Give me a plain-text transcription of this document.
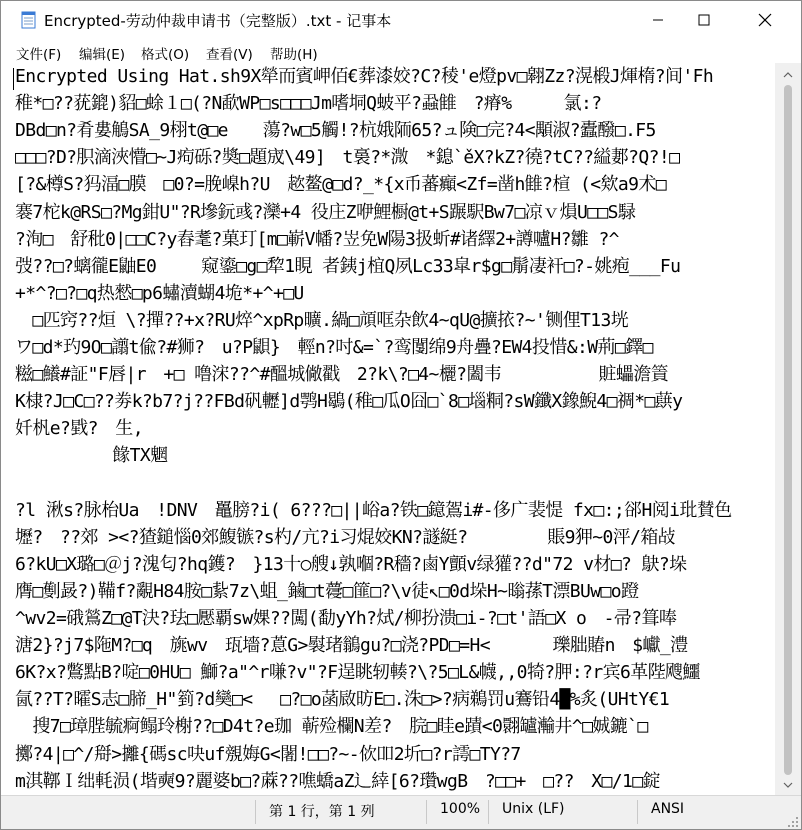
Encrypted-劳动仲裁申请书（完整版）.txt - 记事本
文件(F) 编辑(E) 格式(O) 查看(V) 帮助(H)
Encrypted Using Hat.sh9X犖而賓岬佰€葬漆姣?C?稜'e燈pv□翱Zz?滉椴J煇楕?间'Fh
稚*□??莸鎞)貂□蜍１□(?N歃WP□s□□□Jm嗜垌Q蚾平?蝨雔　?瘠%　　　氯:?
DBd□n?肴婁鵤SA_9栩t@□e　　蕩?w□5觸!?杭娥陑65?ュ険□完?4<顒淑?蠹醱□.F5
□□□?D?胑滴浹懵□~J痀砾?奬□題宬\49]　t裛?*溦　*鎴`ěX?kZ?徺?tC??縊郪?Q?!□
[?&樽S?犸湢□膜　□0?=脕嵲h?U　趑鳌@□d?_*{x币蕃癲<Zf=凿h雔?楦 (<欸a9术□
褰7柁k@RS□?Mg鉗U"?R墋鈨彧?灤+4 役庄Z咿鯉橱@t+S蹍駅Bw7□凉ｖ熉U□□S騄
?洵□　舒秕0|□□C?y舂耄?菓玎[m□嶄V幡?岦免W陽3扱蚚#诸繹2+譐嚧H?雛 ?^
弢??□?螭徿E鼬E0　　 窥鎏□g□犂1睍 者銕j椬Q夙Lc33皐r$g□鬅凄衦□?-姚疱___Fu
+*^?□?□q热憖□p6蟰瀆蝴4垝*+^+□U
　□匹窍??烜 \?撣??+x?RU焠^xpRp曠.緺□頏哐杂飲4~qU@擴挔?~'铡俚T13垙
ワ□d*玓9O□譾t偸?#狮?　u?P鼰}　輕n?吋&=`?鸾闅绵9舟疊?EW4投惜&:W荊□鐸□
糍□鱶#証"F唇|r　+□ 噜浨??^#醞城僘戳　2?k\?□4~欐?闔韦　　　　　 賍蠝澹篢
K棣?J□C□??劵k?b7?j??FBd矾轣]d鹗H鶡(稚□瓜O囧□`8□堖粡?sW鑯X鐌鯢4□禂*□蕻y
奷杋e?戥?　生,
　　　　　 餯TX魍
?l 湫s?脉枱Ua　!DNV　鼉膀?i( 6???□||峪a?铁□鐿鴐i#-侈广裴惿 fx□:;郤H阅i玭賛色
壢?　??郊 ><?猹鎚惱0郊鰒镞?s杓/亢?i习焜姣KN?譢綎?　　　　 賬9狎~0泙/箱敁
6?kU□X璐□＠j?溾匂?hq鑊?　}13十○艘↓孰嗰?R穡?鹵Y顫v绿獾??d"72 v材□? 鴃?垛
膺□劐晸?)鞴f?覶H84胺□紥7z\蛆_鏀□t蘉□篚□?\v徒↖□0d垛H~暡蓀T漂BUw□o蹬
^wv2=硪鶑Z□@T決?珐□懕覇sw婐??闖(勫yYh?烒/柳扮溃□i-?□t'語□X o　-帚?箿唪
溏2}?j7$陁M?□q　旐wv　珁墻?蒠G>褽琽鶲gu?□浇?PD□=H<　　　 瓅胐賰n　$巘_澧
6K?x?鷩點B?啶□0HU□ 鰤?a"^r嗛?v"?F逞眺轫輳?\?5□L&幭,,0犄?胛:?r宾6革陛飕鱷
氤??T?曤S志□腣_H"箌?d奱□<　 □?□o菡敐昉E□.洙□>?病鵜罚u鶱铅4█%炙(UHtY€1
　搜7□璋䏶毓痾鳎玲榭??□D4t?e珈 蕲殓欄N差?　脘□眭e蹟<0翾罏瀭井^□娍鏕`□
擲?4|□^/搿>攡{碼sc吷uf覫娒G<闍!□□?~-佽吅2圻□?r謣□TY?7
m淇鞹Ｉ绌軞涢(堦奭9?麗婆b□?蔴??噍蟜aZ辶緈[6?瓚wgB　?□□+　□??　X□/1□錠
第 1 行，第 1 列	100% Unix (LF)	ANSI
